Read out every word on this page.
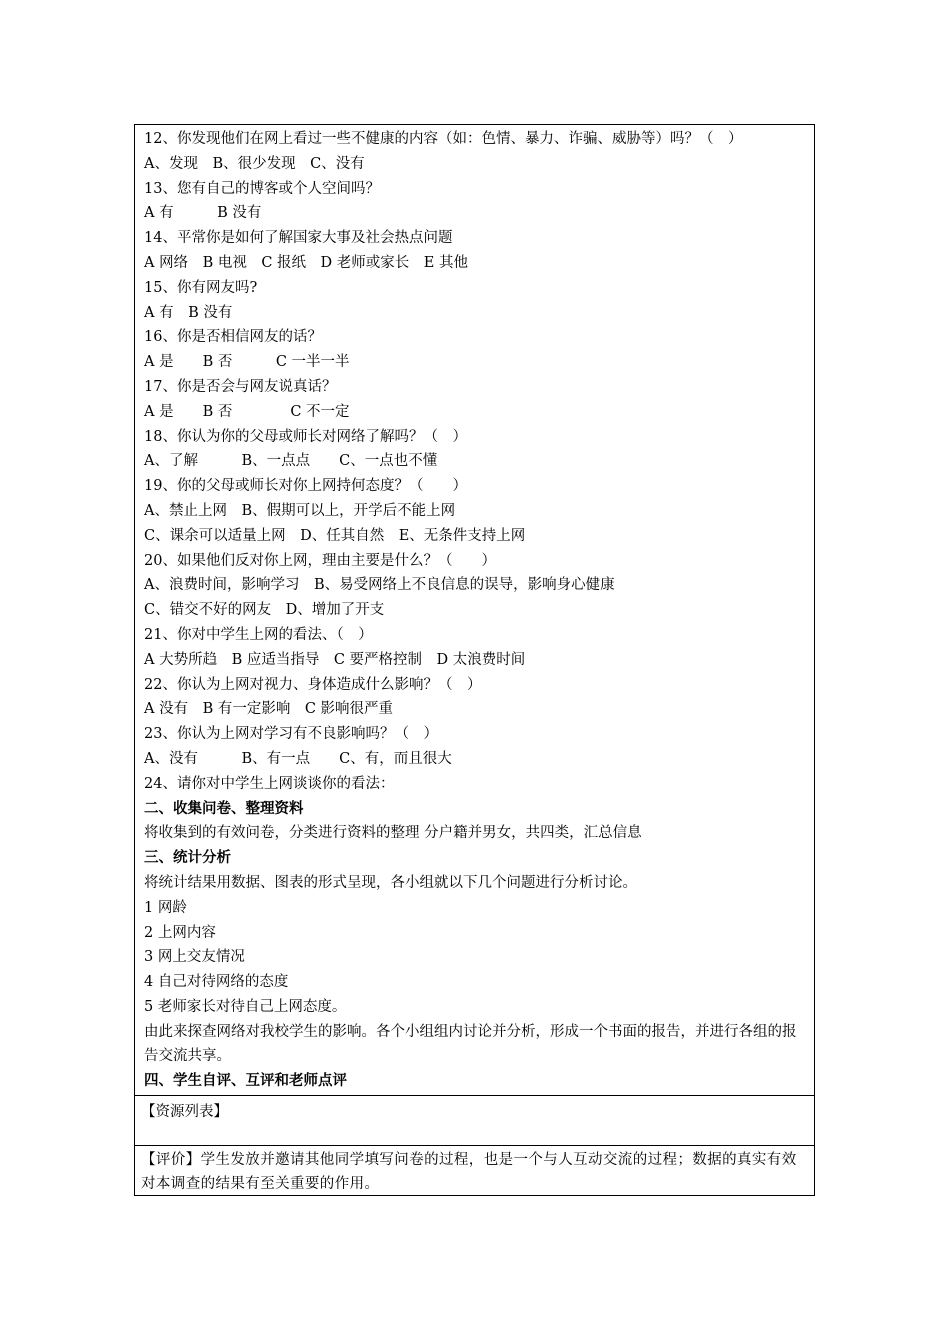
12、你发现他们在网上看过一些不健康的内容（如：色情、暴力、诈骗、威胁等）吗？（　）
A、发现　B、很少发现　C、没有
13、您有自己的博客或个人空间吗？
A 有　　　B 没有
14、平常你是如何了解国家大事及社会热点问题
A 网络　B 电视　C 报纸　D 老师或家长　E 其他
15、你有网友吗?
A 有　B 没有
16、你是否相信网友的话？
A 是　　B 否　　　C 一半一半
17、你是否会与网友说真话？
A 是　　B 否　　　　C 不一定
18、你认为你的父母或师长对网络了解吗？（　）
A、了解　　　B、一点点　　C、一点也不懂
19、你的父母或师长对你上网持何态度？（　　）
A、禁止上网　B、假期可以上，开学后不能上网
C、课余可以适量上网　D、任其自然　E、无条件支持上网
20、如果他们反对你上网，理由主要是什么？（　　）
A、浪费时间，影响学习　B、易受网络上不良信息的误导，影响身心健康
C、错交不好的网友　D、增加了开支
21、你对中学生上网的看法、（　）
A 大势所趋　B 应适当指导　C 要严格控制　D 太浪费时间
22、你认为上网对视力、身体造成什么影响？（　）
A 没有　B 有一定影响　C 影响很严重
23、你认为上网对学习有不良影响吗？（　）
A、没有　　　B、有一点　　C、有，而且很大
24、请你对中学生上网谈谈你的看法：
二、收集问卷、整理资料
将收集到的有效问卷，分类进行资料的整理 分户籍并男女，共四类，汇总信息
三、统计分析
将统计结果用数据、图表的形式呈现，各小组就以下几个问题进行分析讨论。
1 网龄
2 上网内容
3 网上交友情况
4 自己对待网络的态度
5 老师家长对待自己上网态度。
由此来探查网络对我校学生的影响。各个小组组内讨论并分析，形成一个书面的报告，并进行各组的报告交流共享。
四、学生自评、互评和老师点评
【资源列表】
【评价】学生发放并邀请其他同学填写问卷的过程，也是一个与人互动交流的过程；数据的真实有效对本调查的结果有至关重要的作用。
